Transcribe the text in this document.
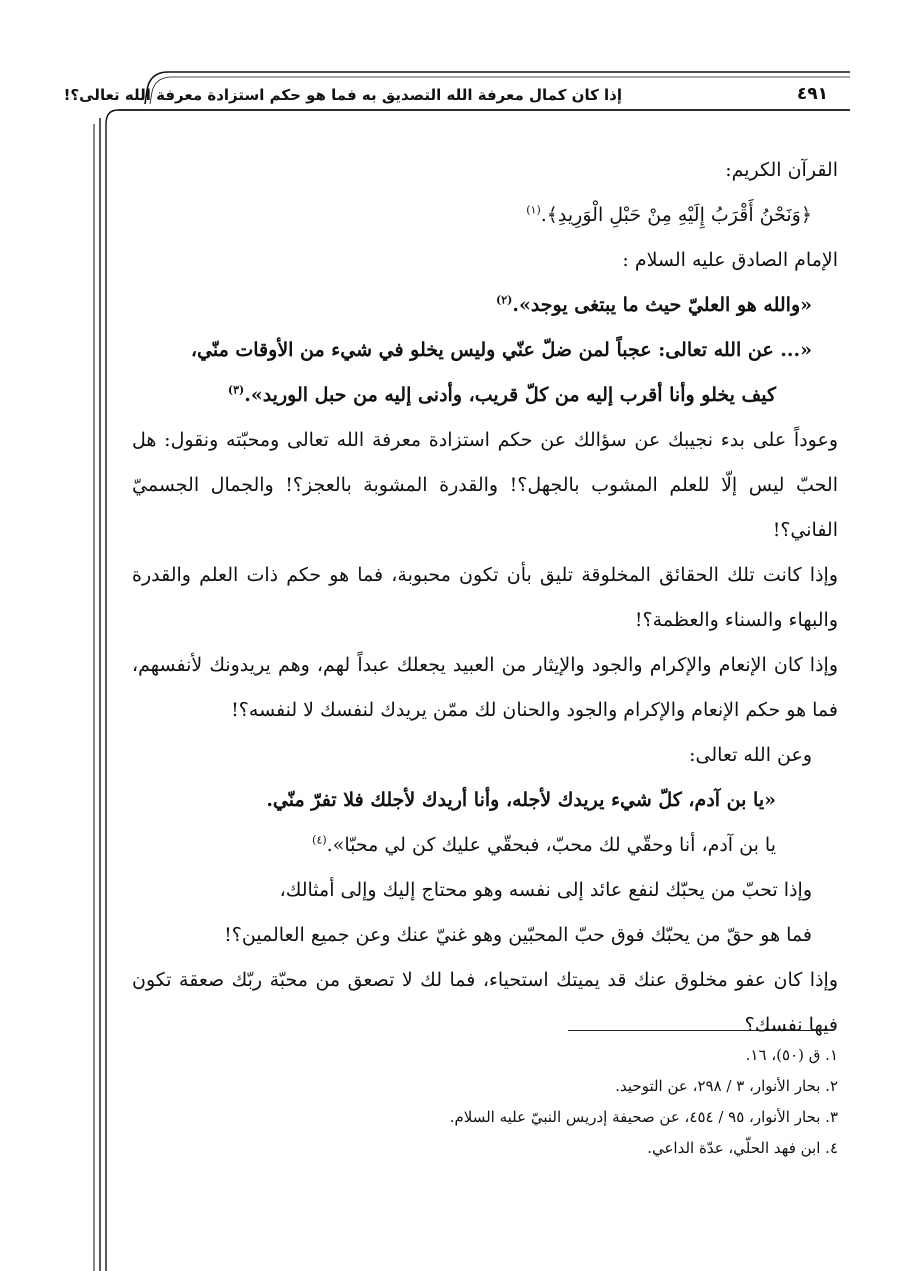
إذا كان كمال معرفة الله التصديق به فما هو حكم استزادة معرفة الله تعالى؟!	٤٩١

القرآن الكريم:

﴿وَنَحْنُ أَقْرَبُ إِلَيْهِ مِنْ حَبْلِ الْوَرِيدِ﴾.$^{(١)}$

الإمام الصادق عليه السلام :

«والله هو العليّ حيث ما يبتغى يوجد».$^{(٢)}$

«... عن الله تعالى: عجباً لمن ضلّ عنّي وليس يخلو في شيء من الأوقات منّي،

كيف يخلو وأنا أقرب إليه من كلّ قريب، وأدنى إليه من حبل الوريد».$^{(٣)}$

وعوداً على بدء نجيبك عن سؤالك عن حكم استزادة معرفة الله تعالى ومحبّته ونقول: هل الحبّ ليس إلّا للعلم المشوب بالجهل؟! والقدرة المشوبة بالعجز؟! والجمال الجسميّ الفاني؟!

وإذا كانت تلك الحقائق المخلوقة تليق بأن تكون محبوبة، فما هو حكم ذات العلم والقدرة والبهاء والسناء والعظمة؟!

وإذا كان الإنعام والإكرام والجود والإيثار من العبيد يجعلك عبداً لهم، وهم يريدونك لأنفسهم، فما هو حكم الإنعام والإكرام والجود والحنان لك ممّن يريدك لنفسك لا لنفسه؟!

وعن الله تعالى:

«يا بن آدم، كلّ شيء يريدك لأجله، وأنا أريدك لأجلك فلا تفرّ منّي.

يا بن آدم، أنا وحقّي لك محبّ، فبحقّي عليك كن لي محبّا».$^{(٤)}$

وإذا تحبّ من يحبّك لنفع عائد إلى نفسه وهو محتاج إليك وإلى أمثالك،

فما هو حقّ من يحبّك فوق حبّ المحبّين وهو غنيّ عنك وعن جميع العالمين؟!

وإذا كان عفو مخلوق عنك قد يميتك استحياء، فما لك لا تصعق من محبّة ربّك صعقة تكون فيها نفسك؟

١. ق (٥٠)، ١٦.

٢. بحار الأنوار، ٣ / ٢٩٨، عن التوحيد.

٣. بحار الأنوار، ٩٥ / ٤٥٤، عن صحيفة إدريس النبيّ عليه السلام.

٤. ابن فهد الحلّي، عدّة الداعي.
